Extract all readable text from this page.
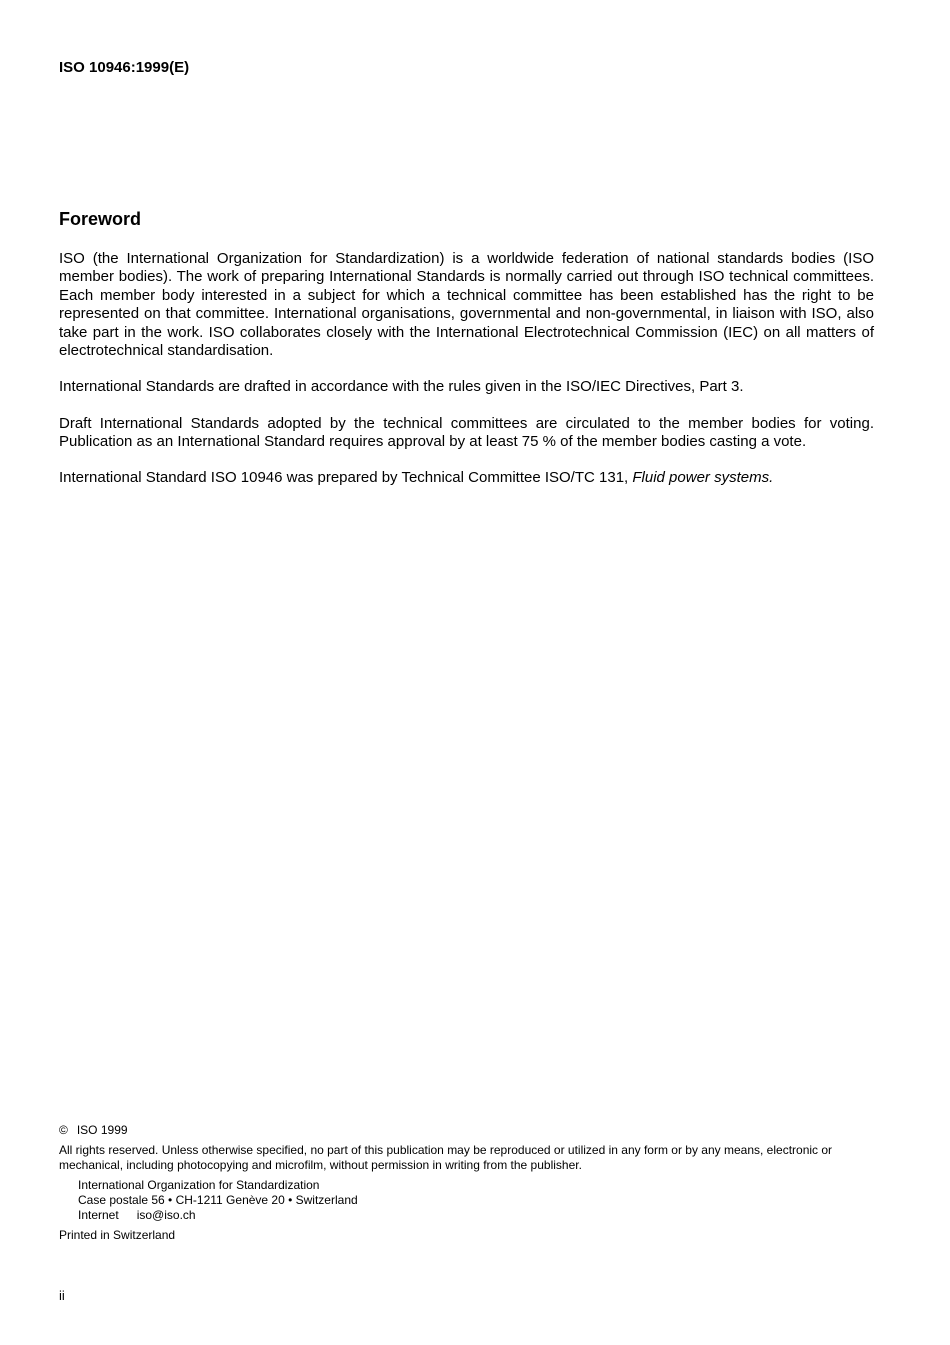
ISO 10946:1999(E)
Foreword

ISO (the International Organization for Standardization) is a worldwide federation of national standards bodies (ISO member bodies). The work of preparing International Standards is normally carried out through ISO technical committees. Each member body interested in a subject for which a technical committee has been established has the right to be represented on that committee. International organisations, governmental and non-governmental, in liaison with ISO, also take part in the work. ISO collaborates closely with the International Electrotechnical Commission (IEC) on all matters of electrotechnical standardisation.

International Standards are drafted in accordance with the rules given in the ISO/IEC Directives, Part 3.

Draft International Standards adopted by the technical committees are circulated to the member bodies for voting. Publication as an International Standard requires approval by at least 75 % of the member bodies casting a vote.

International Standard ISO 10946 was prepared by Technical Committee ISO/TC 131, Fluid power systems.

© ISO 1999
All rights reserved. Unless otherwise specified, no part of this publication may be reproduced or utilized in any form or by any means, electronic or mechanical, including photocopying and microfilm, without permission in writing from the publisher.
International Organization for Standardization
Case postale 56 • CH-1211 Genève 20 • Switzerland
Internet iso@iso.ch
Printed in Switzerland
ii
